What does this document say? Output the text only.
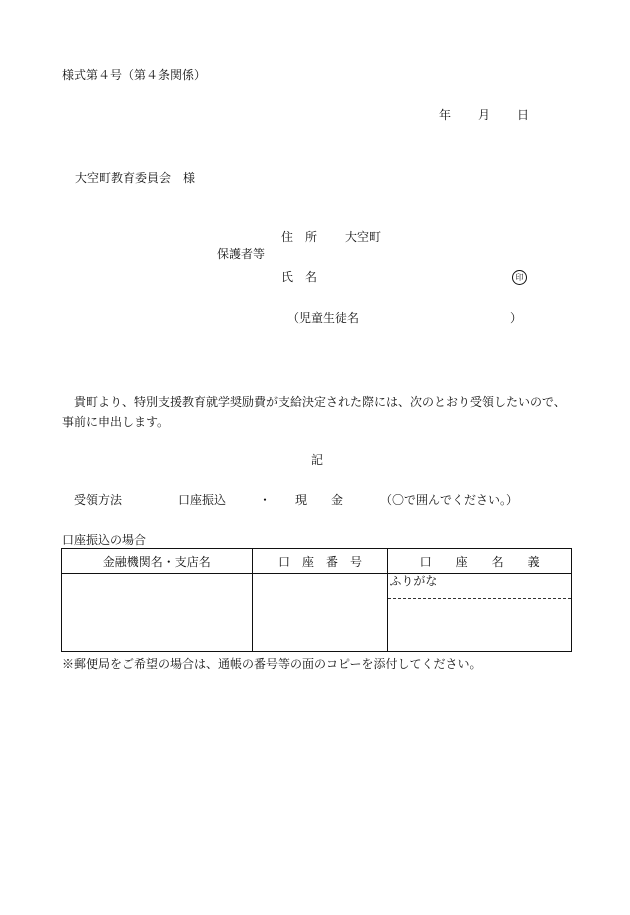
様式第４号（第４条関係）
年 月 日
大空町教育委員会　様
住　所 大空町
保護者等
氏　名	印
（児童生徒名	）
貴町より、特別支援教育就学奨励費が支給決定された際には、次のとおり受領したいので、事前に申出します。
記
受領方法	口座振込	・ 現　　金	（〇で囲んでください。）
口座振込の場合
金融機関名・支店名	口　座　番　号	口　　座　　名　　義

		ふりがな
※郵便局をご希望の場合は、通帳の番号等の面のコピーを添付してください。
